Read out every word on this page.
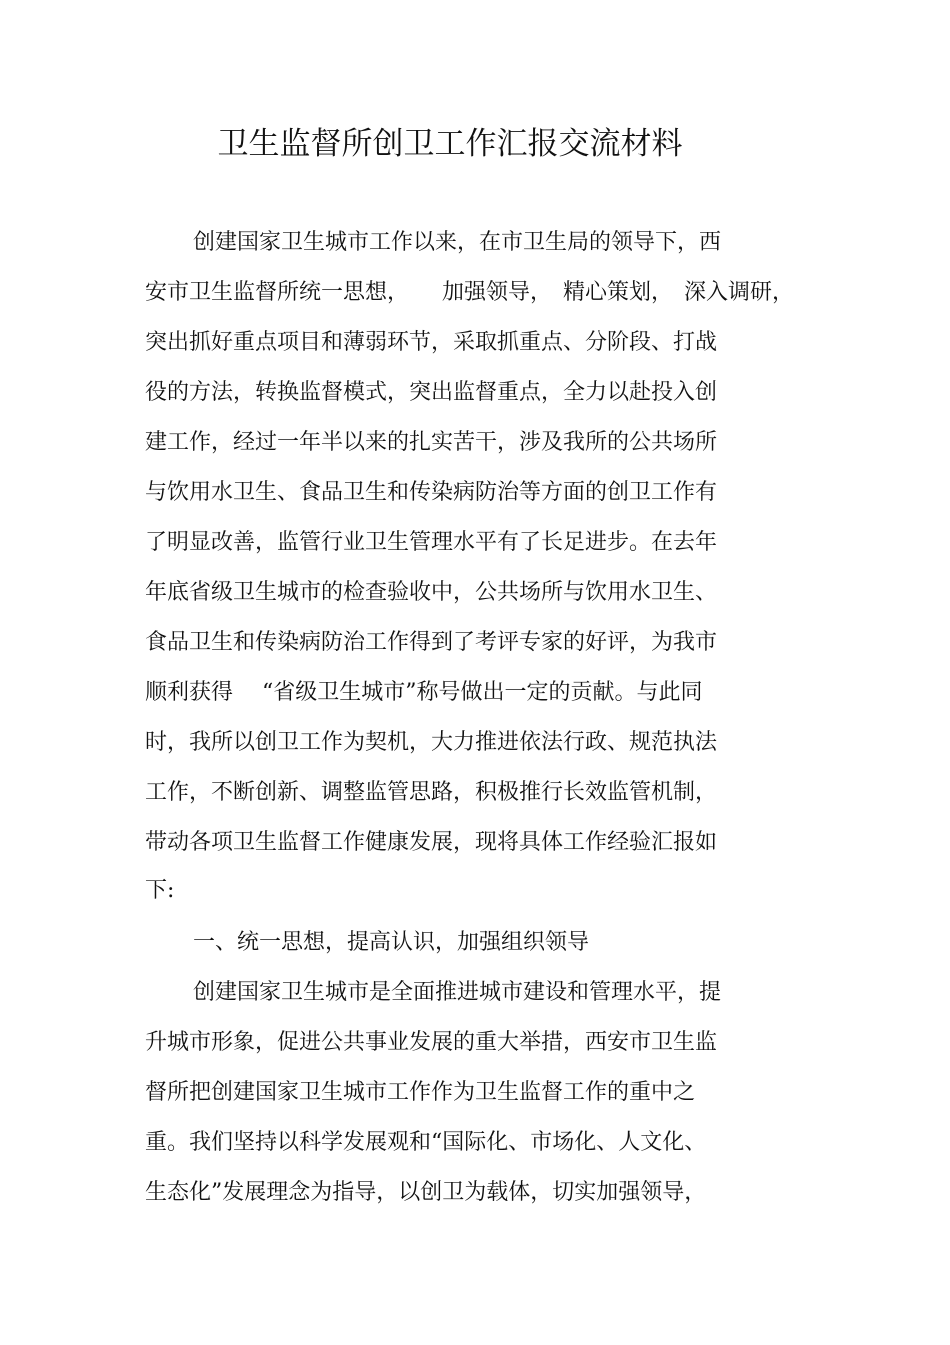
卫生监督所创卫工作汇报交流材料
创建国家卫生城市工作以来，在市卫生局的领导下，西
安市卫生监督所统一思想，　　加强领导，　精心策划，　深入调研，
突出抓好重点项目和薄弱环节，采取抓重点、分阶段、打战
役的方法，转换监督模式，突出监督重点，全力以赴投入创
建工作，经过一年半以来的扎实苦干，涉及我所的公共场所
与饮用水卫生、食品卫生和传染病防治等方面的创卫工作有
了明显改善，监管行业卫生管理水平有了长足进步。在去年
年底省级卫生城市的检查验收中，公共场所与饮用水卫生、
食品卫生和传染病防治工作得到了考评专家的好评，为我市
顺利获得　 “省级卫生城市”称号做出一定的贡献。与此同
时，我所以创卫工作为契机，大力推进依法行政、规范执法
工作，不断创新、调整监管思路，积极推行长效监管机制，
带动各项卫生监督工作健康发展，现将具体工作经验汇报如
下:
一、统一思想，提高认识，加强组织领导
创建国家卫生城市是全面推进城市建设和管理水平，提
升城市形象，促进公共事业发展的重大举措，西安市卫生监
督所把创建国家卫生城市工作作为卫生监督工作的重中之
重。我们坚持以科学发展观和“国际化、市场化、人文化、
生态化”发展理念为指导，以创卫为载体，切实加强领导，
